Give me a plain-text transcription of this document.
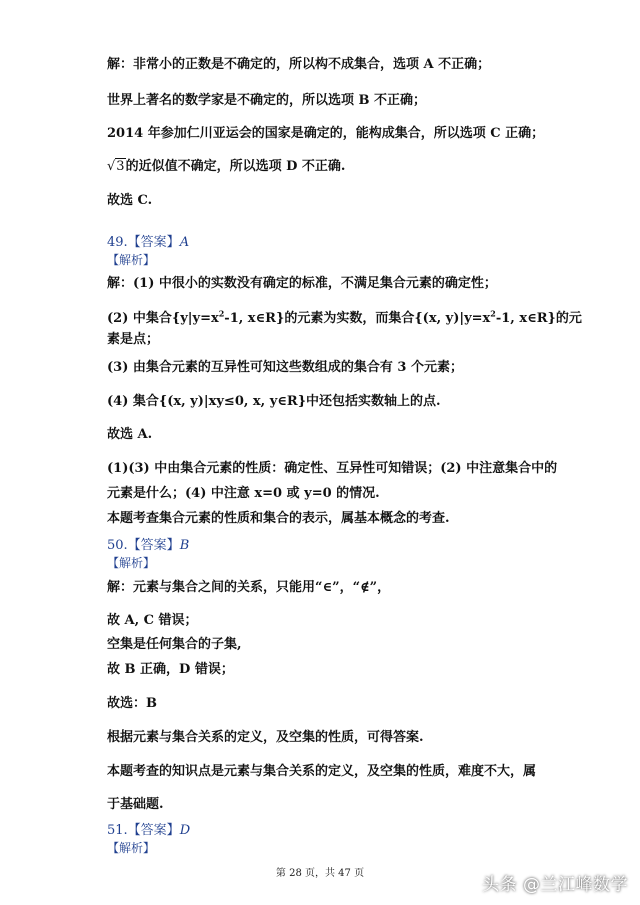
解：非常小的正数是不确定的，所以构不成集合，选项 A 不正确；
世界上著名的数学家是不确定的，所以选项 B 不正确；
2014 年参加仁川亚运会的国家是确定的，能构成集合，所以选项 C 正确；
√3的近似值不确定，所以选项 D 不正确.
故选 C.
49.【答案】A
【解析】
解：(1) 中很小的实数没有确定的标准，不满足集合元素的确定性；
(2) 中集合{$y|y=x^2-1$, x∈R}的元素为实数，而集合{(x, $y)|y=x^2-1$, x∈R}的元
素是点；
(3) 由集合元素的互异性可知这些数组成的集合有 3 个元素；
(4) 集合{(x, y)|xy≤0, x, y∈R}中还包括实数轴上的点.
故选 A.
(1)(3) 中由集合元素的性质：确定性、互异性可知错误；(2) 中注意集合中的
元素是什么；(4) 中注意 x=0 或 y=0 的情况.
本题考查集合元素的性质和集合的表示，属基本概念的考查.
50.【答案】B
【解析】
解：元素与集合之间的关系，只能用“∈”，“∉”，
故 A, C 错误；
空集是任何集合的子集,
故 B 正确，D 错误；
故选：B
根据元素与集合关系的定义，及空集的性质，可得答案.
本题考查的知识点是元素与集合关系的定义，及空集的性质，难度不大，属
于基础题.
51.【答案】D
【解析】
第 28 页，共 47 页
头条 @兰江峰数学
